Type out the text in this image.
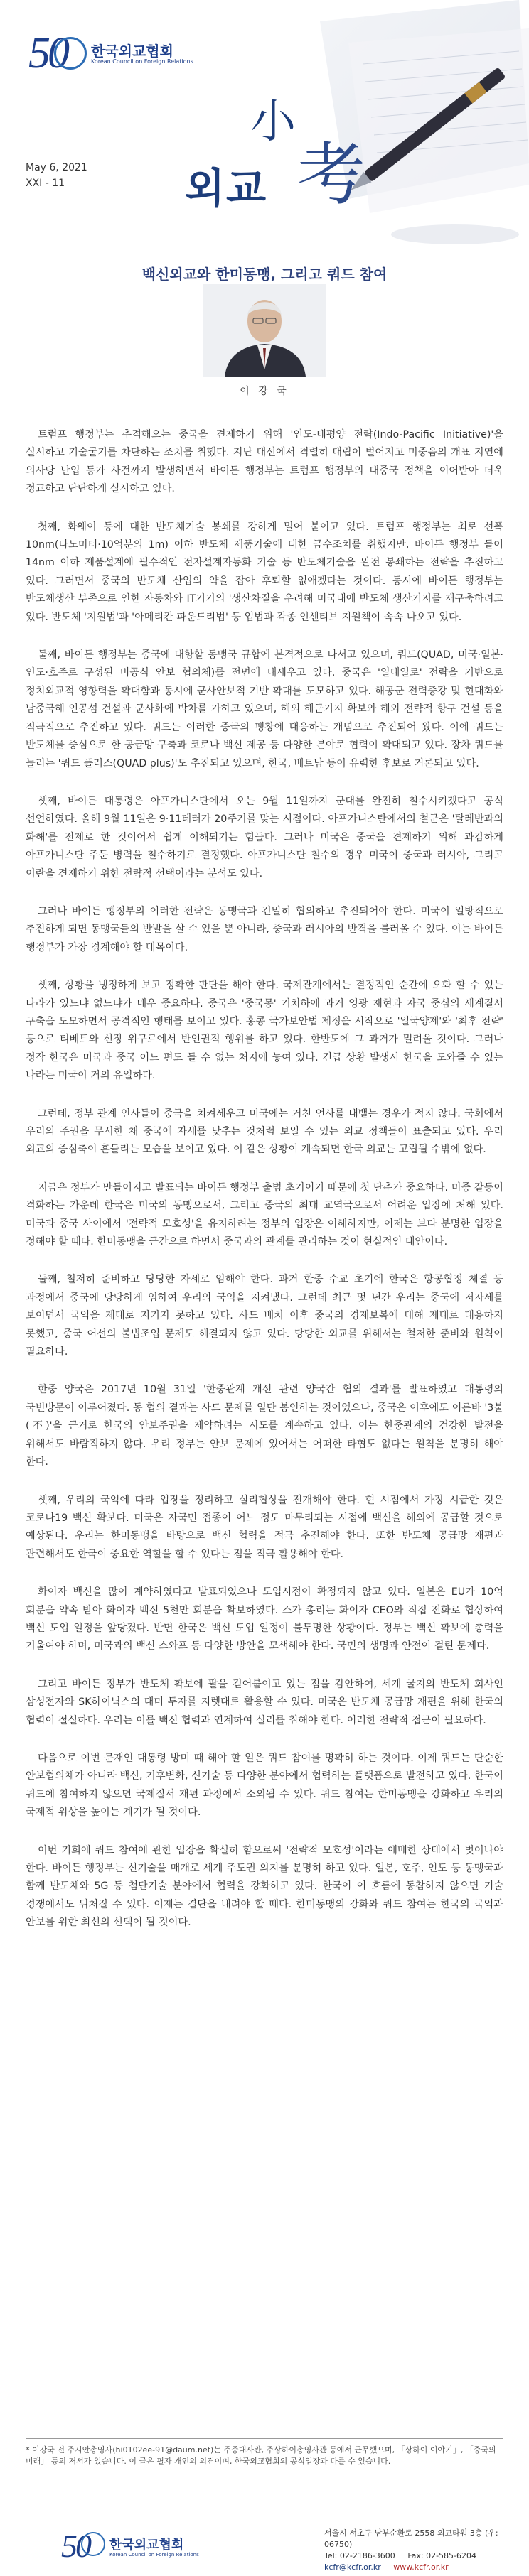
50 한국외교협회
Korean Council on Foreign Relations
小
考
외교
May 6, 2021
XXI - 11
백신외교와 한미동맹, 그리고 쿼드 참여
이 강 국

트럼프 행정부는 추격해오는 중국을 견제하기 위해 '인도-태평양 전략(Indo-Pacific Initiative)'을 실시하고 기술굴기를 차단하는 조치를 취했다. 지난 대선에서 격렬히 대립이 벌어지고 미중음의 개표 지연에 의사당 난입 등가 사건까지 발생하면서 바이든 행정부는 트럼프 행정부의 대중국 정책을 이어받아 더욱 정교하고 단단하게 실시하고 있다.

첫째, 화웨이 등에 대한 반도체기술 봉쇄를 강하게 밀어 붙이고 있다. 트럼프 행정부는 최로 선폭 10nm(나노미터·10억분의 1m) 이하 반도체 제품기술에 대한 금수조치를 취했지만, 바이든 행정부 들어 14nm 이하 제품설계에 필수적인 전자설계자동화 기술 등 반도체기술을 완전 봉쇄하는 전략을 추진하고 있다. 그러면서 중국의 반도체 산업의 약을 잡아 후퇴할 없애겠다는 것이다. 동시에 바이든 행정부는 반도체생산 부족으로 인한 자동차와 IT기기의 '생산차질을 우려해 미국내에 반도체 생산기지를 재구축하려고 있다. 반도체 '지원법'과 '아메리칸 파운드리법' 등 입법과 각종 인센티브 지원책이 속속 나오고 있다.

둘째, 바이든 행정부는 중국에 대항할 동맹국 규합에 본격적으로 나서고 있으며, 쿼드(QUAD, 미국·일본·인도·호주로 구성된 비공식 안보 협의체)를 전면에 내세우고 있다. 중국은 '일대일로' 전략을 기반으로 정치외교적 영향력을 확대함과 동시에 군사안보적 기반 확대를 도모하고 있다. 해공군 전력증강 및 현대화와 남중국해 인공섬 건설과 군사화에 박차를 가하고 있으며, 해외 해군기지 확보와 해외 전략적 항구 건설 등을 적극적으로 추진하고 있다. 쿼드는 이러한 중국의 팽창에 대응하는 개념으로 추진되어 왔다. 이에 쿼드는 반도체를 중심으로 한 공급망 구축과 코로나 백신 제공 등 다양한 분야로 협력이 확대되고 있다. 장차 쿼드를 늘리는 '쿼드 플러스(QUAD plus)'도 추진되고 있으며, 한국, 베트남 등이 유력한 후보로 거론되고 있다.

셋째, 바이든 대통령은 아프가니스탄에서 오는 9월 11일까지 군대를 완전히 철수시키겠다고 공식 선언하였다. 올해 9월 11일은 9·11테러가 20주기를 맞는 시점이다. 아프가니스탄에서의 철군은 '탈레반과의 화해'를 전제로 한 것이어서 쉽게 이해되기는 힘들다. 그러나 미국은 중국을 견제하기 위해 과감하게 아프가니스탄 주둔 병력을 철수하기로 결정했다. 아프가니스탄 철수의 경우 미국이 중국과 러시아, 그리고 이란을 견제하기 위한 전략적 선택이라는 분석도 있다.

그러나 바이든 행정부의 이러한 전략은 동맹국과 긴밀히 협의하고 추진되어야 한다. 미국이 일방적으로 추진하게 되면 동맹국들의 반발을 살 수 있을 뿐 아니라, 중국과 러시아의 반격을 불러올 수 있다. 이는 바이든 행정부가 가장 경계해야 할 대목이다.

셋째, 상황을 냉정하게 보고 정확한 판단을 해야 한다. 국제관계에서는 결정적인 순간에 오화 할 수 있는 나라가 있느냐 없느냐가 매우 중요하다. 중국은 '중국몽' 기치하에 과거 영광 재현과 자국 중심의 세계질서 구축을 도모하면서 공격적인 행태를 보이고 있다. 홍콩 국가보안법 제정을 시작으로 '일국양제'와 '최후 전략' 등으로 티베트와 신장 위구르에서 반인권적 행위를 하고 있다. 한반도에 그 과거가 밀려올 것이다. 그러나 정작 한국은 미국과 중국 어느 편도 들 수 없는 처지에 놓여 있다. 긴급 상황 발생시 한국을 도와줄 수 있는 나라는 미국이 거의 유일하다.

그런데, 정부 관계 인사들이 중국을 치켜세우고 미국에는 거친 언사를 내뱉는 경우가 적지 않다. 국회에서 우리의 주권을 무시한 채 중국에 자세를 낮추는 것처럼 보일 수 있는 외교 정책들이 표출되고 있다. 우리 외교의 중심축이 흔들리는 모습을 보이고 있다. 이 같은 상황이 계속되면 한국 외교는 고립될 수밖에 없다.

지금은 정부가 만들어지고 발표되는 바이든 행정부 출범 초기이기 때문에 첫 단추가 중요하다. 미중 갈등이 격화하는 가운데 한국은 미국의 동맹으로서, 그리고 중국의 최대 교역국으로서 어려운 입장에 처해 있다. 미국과 중국 사이에서 '전략적 모호성'을 유지하려는 정부의 입장은 이해하지만, 이제는 보다 분명한 입장을 정해야 할 때다. 한미동맹을 근간으로 하면서 중국과의 관계를 관리하는 것이 현실적인 대안이다.

둘째, 철저히 준비하고 당당한 자세로 임해야 한다. 과거 한중 수교 초기에 한국은 항공협정 체결 등 과정에서 중국에 당당하게 임하여 우리의 국익을 지켜냈다. 그런데 최근 몇 년간 우리는 중국에 저자세를 보이면서 국익을 제대로 지키지 못하고 있다. 사드 배치 이후 중국의 경제보복에 대해 제대로 대응하지 못했고, 중국 어선의 불법조업 문제도 해결되지 않고 있다. 당당한 외교를 위해서는 철저한 준비와 원칙이 필요하다.

한중 양국은 2017년 10월 31일 '한중관계 개선 관련 양국간 협의 결과'를 발표하였고 대통령의 국빈방문이 이루어졌다. 동 협의 결과는 사드 문제를 일단 봉인하는 것이었으나, 중국은 이후에도 이른바 '3불(不)'을 근거로 한국의 안보주권을 제약하려는 시도를 계속하고 있다. 이는 한중관계의 건강한 발전을 위해서도 바람직하지 않다. 우리 정부는 안보 문제에 있어서는 어떠한 타협도 없다는 원칙을 분명히 해야 한다.

셋째, 우리의 국익에 따라 입장을 정리하고 실리협상을 전개해야 한다. 현 시점에서 가장 시급한 것은 코로나19 백신 확보다. 미국은 자국민 접종이 어느 정도 마무리되는 시점에 백신을 해외에 공급할 것으로 예상된다. 우리는 한미동맹을 바탕으로 백신 협력을 적극 추진해야 한다. 또한 반도체 공급망 재편과 관련해서도 한국이 중요한 역할을 할 수 있다는 점을 적극 활용해야 한다.

화이자 백신을 많이 계약하였다고 발표되었으나 도입시점이 확정되지 않고 있다. 일본은 EU가 10억 회분을 약속 받아 화이자 백신 5천만 회분을 확보하였다. 스가 총리는 화이자 CEO와 직접 전화로 협상하여 백신 도입 일정을 앞당겼다. 반면 한국은 백신 도입 일정이 불투명한 상황이다. 정부는 백신 확보에 총력을 기울여야 하며, 미국과의 백신 스와프 등 다양한 방안을 모색해야 한다. 국민의 생명과 안전이 걸린 문제다.

그리고 바이든 정부가 반도체 확보에 팔을 걷어붙이고 있는 점을 감안하여, 세계 굴지의 반도체 회사인 삼성전자와 SK하이닉스의 대미 투자를 지렛대로 활용할 수 있다. 미국은 반도체 공급망 재편을 위해 한국의 협력이 절실하다. 우리는 이를 백신 협력과 연계하여 실리를 취해야 한다. 이러한 전략적 접근이 필요하다.

다음으로 이번 문재인 대통령 방미 때 해야 할 일은 쿼드 참여를 명확히 하는 것이다. 이제 쿼드는 단순한 안보협의체가 아니라 백신, 기후변화, 신기술 등 다양한 분야에서 협력하는 플랫폼으로 발전하고 있다. 한국이 쿼드에 참여하지 않으면 국제질서 재편 과정에서 소외될 수 있다. 쿼드 참여는 한미동맹을 강화하고 우리의 국제적 위상을 높이는 계기가 될 것이다.

이번 기회에 쿼드 참여에 관한 입장을 확실히 함으로써 '전략적 모호성'이라는 애매한 상태에서 벗어나야 한다. 바이든 행정부는 신기술을 매개로 세계 주도권 의지를 분명히 하고 있다. 일본, 호주, 인도 등 동맹국과 함께 반도체와 5G 등 첨단기술 분야에서 협력을 강화하고 있다. 한국이 이 흐름에 동참하지 않으면 기술 경쟁에서도 뒤처질 수 있다. 이제는 결단을 내려야 할 때다. 한미동맹의 강화와 쿼드 참여는 한국의 국익과 안보를 위한 최선의 선택이 될 것이다.

* 이강국 전 주시안총영사(hi0102ee-91@daum.net)는 주중대사관, 주상하이총영사관 등에서 근무했으며, 「상하이 이야기」, 「중국의 미래」 등의 저서가 있습니다. 이 글은 필자 개인의 의견이며, 한국외교협회의 공식입장과 다를 수 있습니다.
50 한국외교협회
Korean Council on Foreign Relations
서울시 서초구 남부순환로 2558 외교타워 3층 (우: 06750)
Tel: 02-2186-3600 Fax: 02-585-6204
kcfr@kcfr.or.kr www.kcfr.or.kr
